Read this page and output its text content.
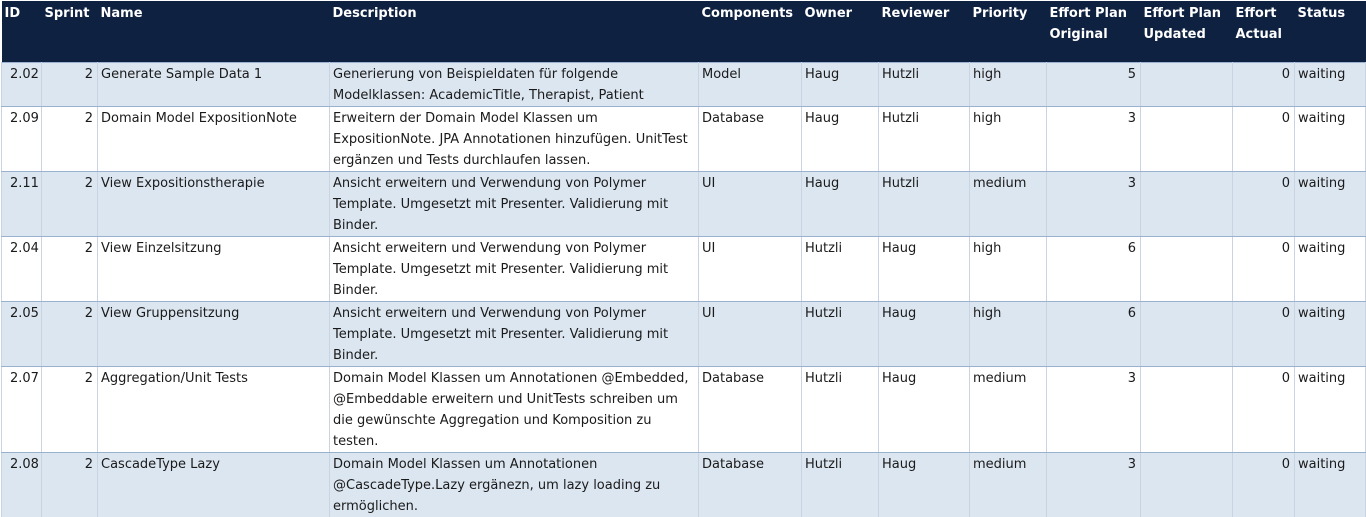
ID	Sprint	Name	Description	Components	Owner	Reviewer	Priority	Effort Plan Original	Effort Plan Updated	Effort Actual	Status
2.02	2	Generate Sample Data 1	Generierung von Beispieldaten für folgende Modelklassen: AcademicTitle, Therapist, Patient	Model	Haug	Hutzli	high	5		0	waiting
2.09	2	Domain Model ExpositionNote	Erweitern der Domain Model Klassen um ExpositionNote. JPA Annotationen hinzufügen. UnitTest ergänzen und Tests durchlaufen lassen.	Database	Haug	Hutzli	high	3		0	waiting
2.11	2	View Expositionstherapie	Ansicht erweitern und Verwendung von Polymer Template. Umgesetzt mit Presenter. Validierung mit Binder.	UI	Haug	Hutzli	medium	3		0	waiting
2.04	2	View Einzelsitzung	Ansicht erweitern und Verwendung von Polymer Template. Umgesetzt mit Presenter. Validierung mit Binder.	UI	Hutzli	Haug	high	6		0	waiting
2.05	2	View Gruppensitzung	Ansicht erweitern und Verwendung von Polymer Template. Umgesetzt mit Presenter. Validierung mit Binder.	UI	Hutzli	Haug	high	6		0	waiting
2.07	2	Aggregation/Unit Tests	Domain Model Klassen um Annotationen @Embedded, @Embeddable erweitern und UnitTests schreiben um die gewünschte Aggregation und Komposition zu testen.	Database	Hutzli	Haug	medium	3		0	waiting
2.08	2	CascadeType Lazy	Domain Model Klassen um Annotationen @CascadeType.Lazy ergänezn, um lazy loading zu ermöglichen.	Database	Hutzli	Haug	medium	3		0	waiting
